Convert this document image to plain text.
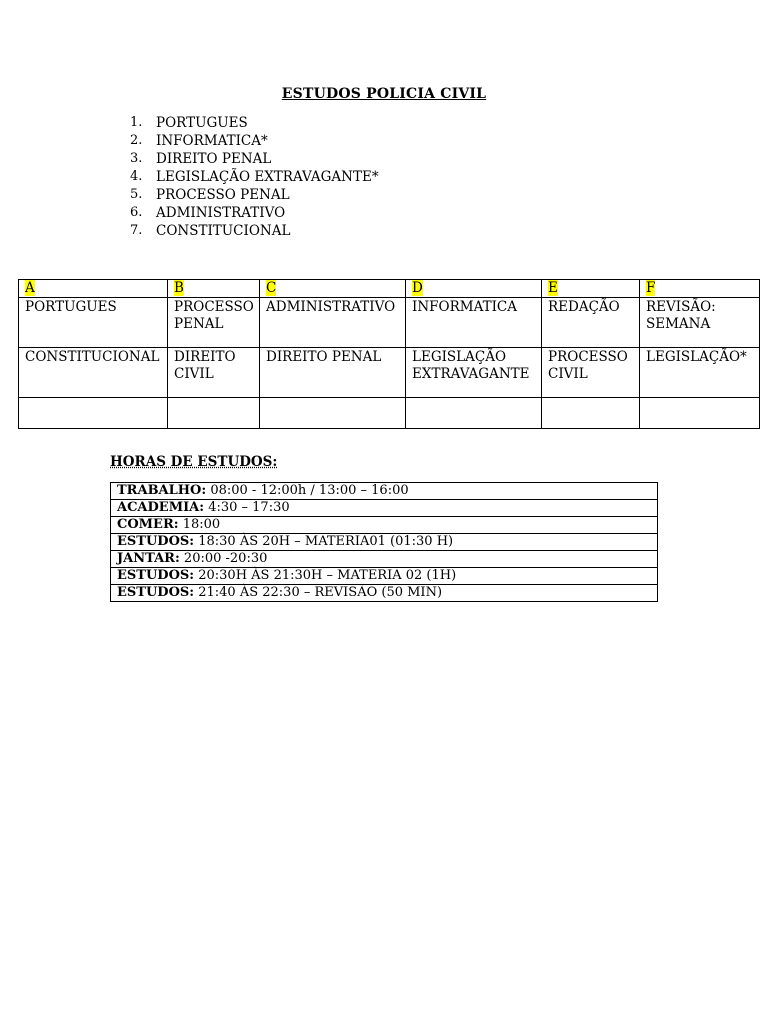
ESTUDOS POLICIA CIVIL
1.	PORTUGUES
2.	INFORMATICA*
3.	DIREITO PENAL
4.	LEGISLAÇÃO EXTRAVAGANTE*
5.	PROCESSO PENAL
6.	ADMINISTRATIVO
7.	CONSTITUCIONAL
A	B	C	D	E	F
PORTUGUES	PROCESSO PENAL	ADMINISTRATIVO	INFORMATICA	REDAÇÃO	REVISÃO: SEMANA
CONSTITUCIONAL	DIREITO CIVIL	DIREITO PENAL	LEGISLAÇÃO EXTRAVAGANTE	PROCESSO CIVIL	LEGISLAÇÃO*

HORAS DE ESTUDOS:
TRABALHO: 08:00 - 12:00h / 13:00 – 16:00
ACADEMIA: 4:30 – 17:30
COMER: 18:00
ESTUDOS: 18:30 ÀS 20H – MATERIA01 (01:30 H)
JANTAR: 20:00 -20:30
ESTUDOS: 20:30H ÀS 21:30H – MATERIA 02 (1H)
ESTUDOS: 21:40 ÀS 22:30 – REVISÃO (50 MIN)
